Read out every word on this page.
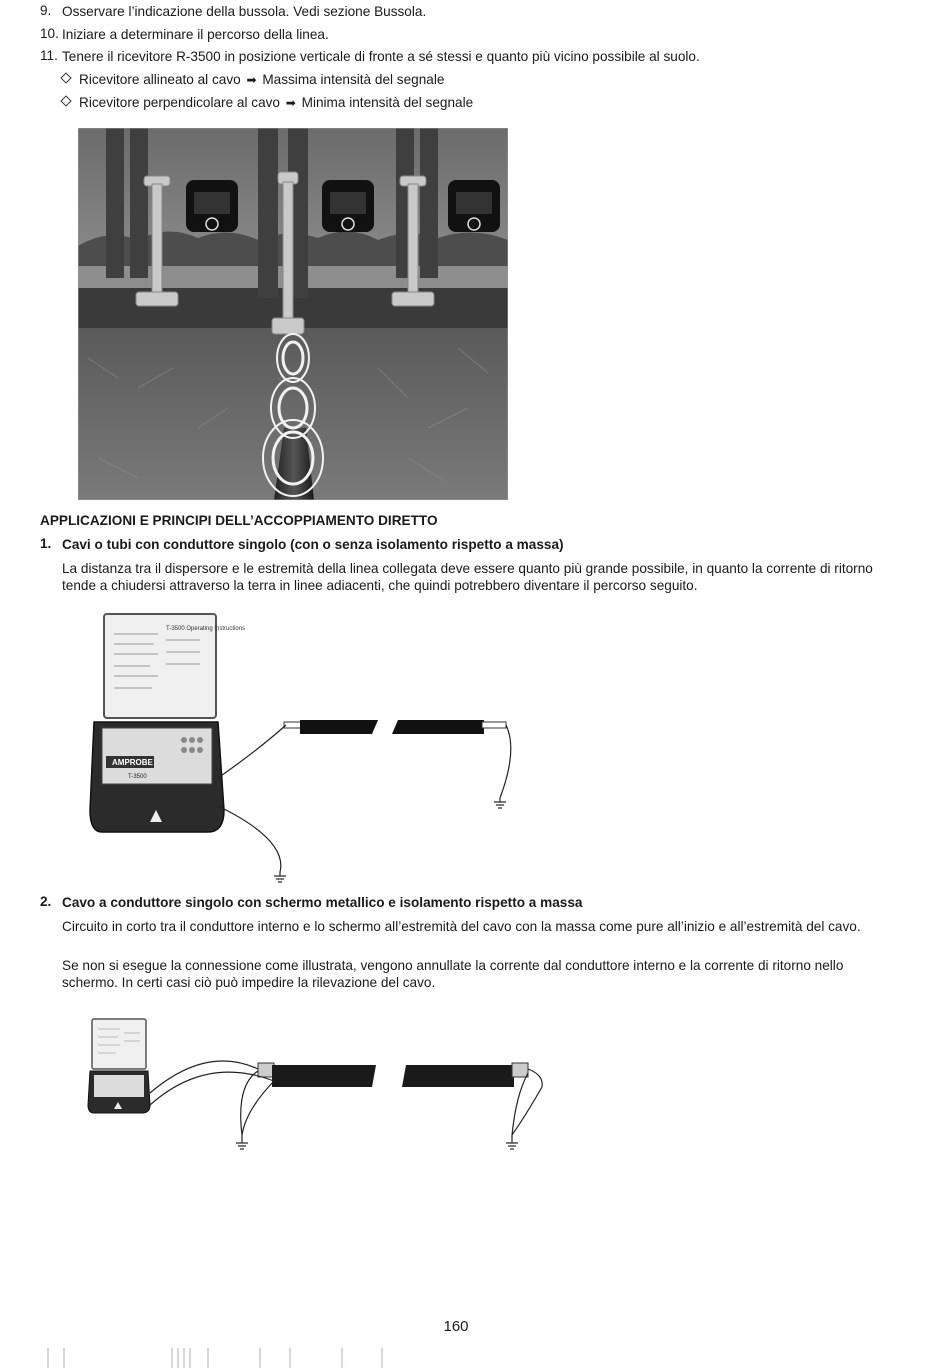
9. Osservare l’indicazione della bussola. Vedi sezione Bussola.
10. Iniziare a determinare il percorso della linea.
11. Tenere il ricevitore R-3500 in posizione verticale di fronte a sé stessi e quanto più vicino possibile al suolo.
Ricevitore allineato al cavo ➡ Massima intensità del segnale
Ricevitore perpendicolare al cavo ➡ Minima intensità del segnale
APPLICAZIONI E PRINCIPI DELL’ACCOPPIAMENTO DIRETTO
1. Cavi o tubi con conduttore singolo (con o senza isolamento rispetto a massa)
La distanza tra il dispersore e le estremità della linea collegata deve essere quanto più grande possibile, in quanto la corrente di ritorno tende a chiudersi attraverso la terra in linee adiacenti, che quindi potrebbero diventare il percorso seguito.
T-3500 Operating Instructions
AMPROBE
T-3500
2. Cavo a conduttore singolo con schermo metallico e isolamento rispetto a massa
Circuito in corto tra il conduttore interno e lo schermo all’estremità del cavo con la massa come pure all’inizio e all’estremità del cavo.
Se non si esegue la connessione come illustrata, vengono annullate la corrente dal conduttore interno e la corrente di ritorno nello schermo. In certi casi ciò può impedire la rilevazione del cavo.
160
